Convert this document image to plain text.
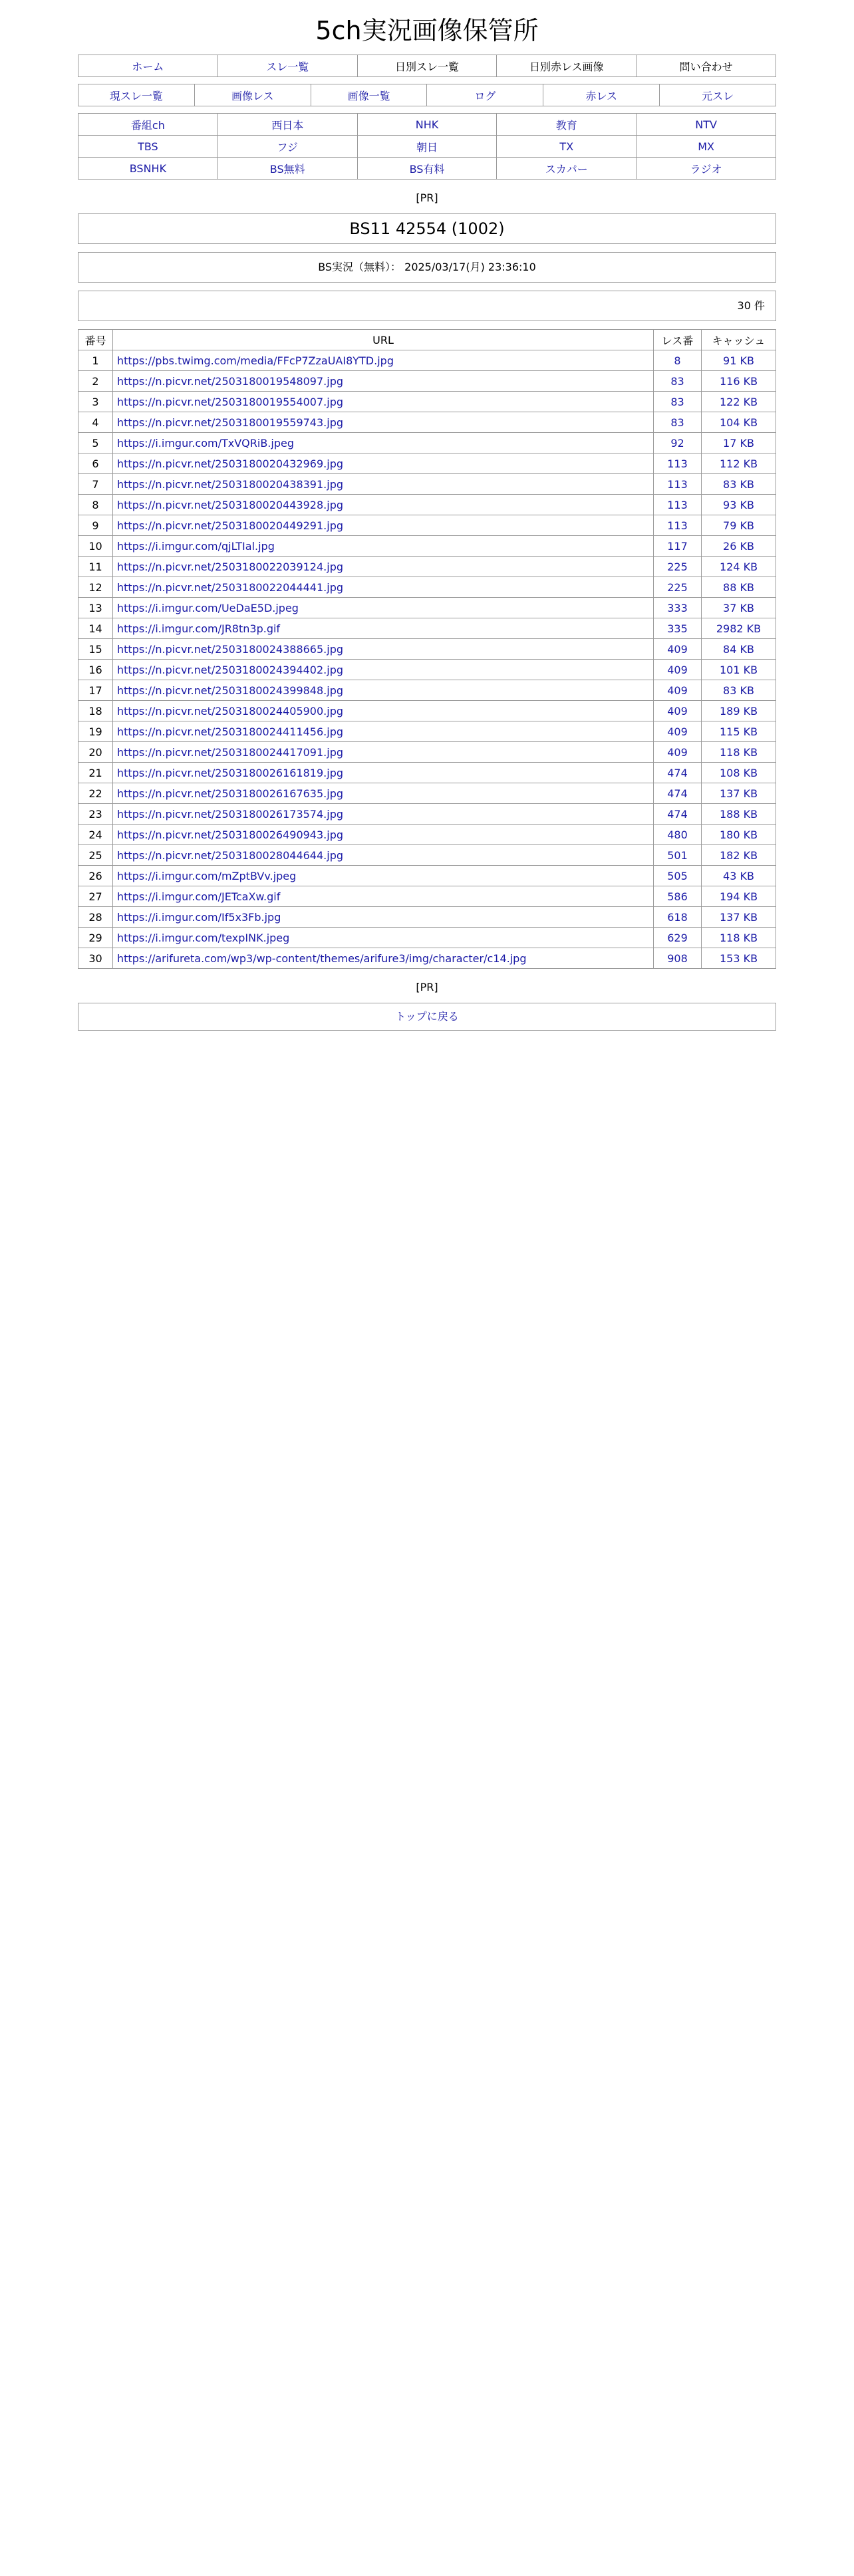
5ch実況画像保管所
ホーム	スレ一覧	日別スレ一覧	日別赤レス画像	問い合わせ
現スレ一覧	画像レス	画像一覧	ログ	赤レス	元スレ
番組ch	西日本	NHK	教育	NTV
TBS	フジ	朝日	TX	MX
BSNHK	BS無料	BS有料	スカパー	ラジオ
[PR]
BS11 42554 (1002)
BS実況（無料）： 2025/03/17(月) 23:36:10
30 件
番号	URL	レス番	キャッシュ
1	https://pbs.twimg.com/media/FFcP7ZzaUAI8YTD.jpg	8	91 KB
2	https://n.picvr.net/2503180019548097.jpg	83	116 KB
3	https://n.picvr.net/2503180019554007.jpg	83	122 KB
4	https://n.picvr.net/2503180019559743.jpg	83	104 KB
5	https://i.imgur.com/TxVQRiB.jpeg	92	17 KB
6	https://n.picvr.net/2503180020432969.jpg	113	112 KB
7	https://n.picvr.net/2503180020438391.jpg	113	83 KB
8	https://n.picvr.net/2503180020443928.jpg	113	93 KB
9	https://n.picvr.net/2503180020449291.jpg	113	79 KB
10	https://i.imgur.com/qjLTIal.jpg	117	26 KB
11	https://n.picvr.net/2503180022039124.jpg	225	124 KB
12	https://n.picvr.net/2503180022044441.jpg	225	88 KB
13	https://i.imgur.com/UeDaE5D.jpeg	333	37 KB
14	https://i.imgur.com/JR8tn3p.gif	335	2982 KB
15	https://n.picvr.net/2503180024388665.jpg	409	84 KB
16	https://n.picvr.net/2503180024394402.jpg	409	101 KB
17	https://n.picvr.net/2503180024399848.jpg	409	83 KB
18	https://n.picvr.net/2503180024405900.jpg	409	189 KB
19	https://n.picvr.net/2503180024411456.jpg	409	115 KB
20	https://n.picvr.net/2503180024417091.jpg	409	118 KB
21	https://n.picvr.net/2503180026161819.jpg	474	108 KB
22	https://n.picvr.net/2503180026167635.jpg	474	137 KB
23	https://n.picvr.net/2503180026173574.jpg	474	188 KB
24	https://n.picvr.net/2503180026490943.jpg	480	180 KB
25	https://n.picvr.net/2503180028044644.jpg	501	182 KB
26	https://i.imgur.com/mZptBVv.jpeg	505	43 KB
27	https://i.imgur.com/JETcaXw.gif	586	194 KB
28	https://i.imgur.com/If5x3Fb.jpg	618	137 KB
29	https://i.imgur.com/texpINK.jpeg	629	118 KB
30	https://arifureta.com/wp3/wp-content/themes/arifure3/img/character/c14.jpg	908	153 KB
[PR]
トップに戻る
